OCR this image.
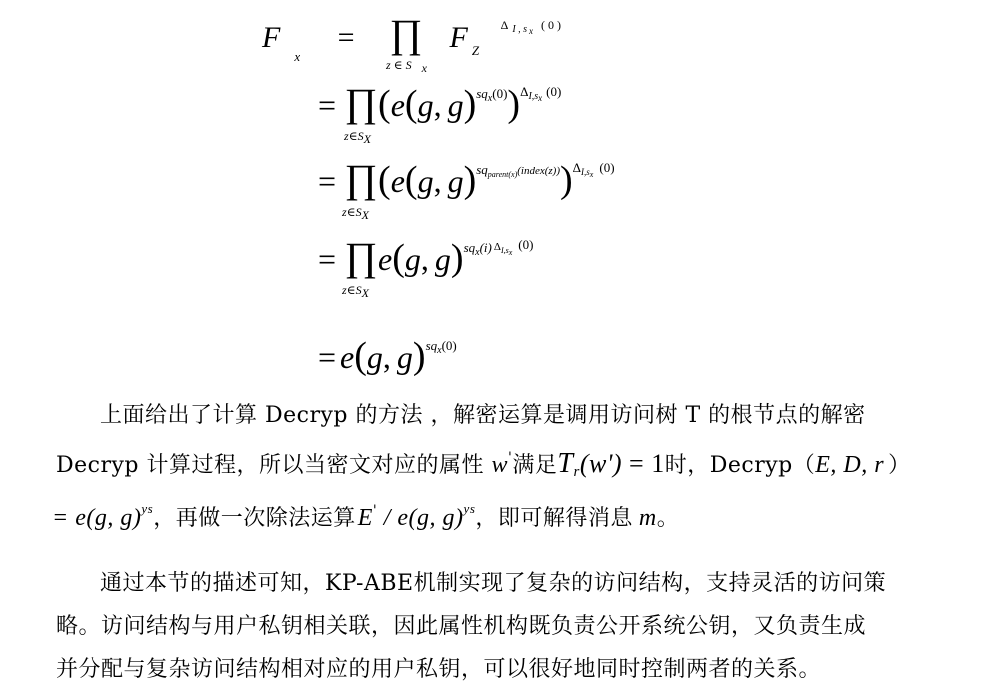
$F_x$ = ∏
z ∈ S x
F $_Z$ $^{\Delta _{I , s} _x ( 0 )}$
= ∏
z∈SX
(e(g, g)$^{sq_x(0)}$)$^{\Delta_{I,sx} (0)}$
= ∏
z∈SX
(e(g, g)$^{sq_{parent(x)}(index(z))}$)$^{\Delta_{I,sx} (0)}$
= ∏
z∈SX
e(g, g)$^{sq_x(i) \Delta I,s_x(0)}$
= e(g, g)$^{sq_x(0)}$
上面给出了计算 Decryp 的方法 ，解密运算是调用访问树 T 的根节点的解密
Decryp 计算过程，所以当密文对应的属性 w'满足Tr(w') = 1时，Decryp（E, D, r ）
= e(g, g)$^{ys}$，再做一次除法运算E' / e(g, g)$^{ys}$，即可解得消息 m。
通过本节的描述可知，KP-ABE机制实现了复杂的访问结构，支持灵活的访问策
略。访问结构与用户私钥相关联，因此属性机构既负责公开系统公钥，又负责生成
并分配与复杂访问结构相对应的用户私钥，可以很好地同时控制两者的关系。
